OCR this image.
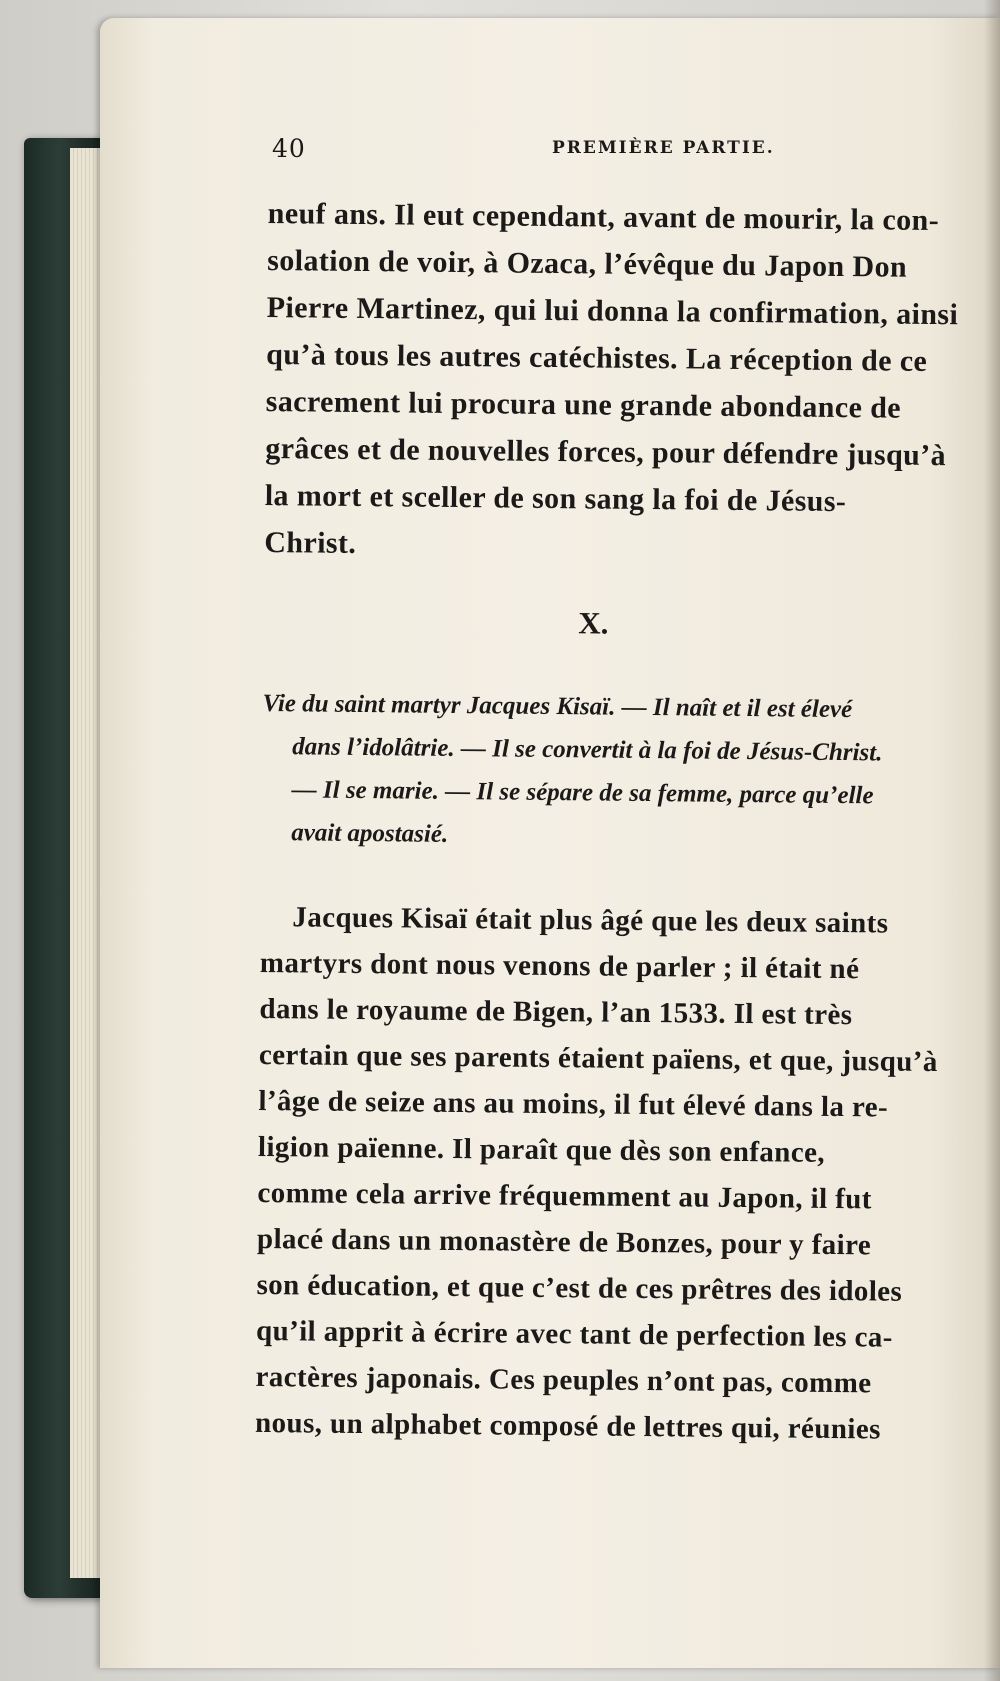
40	PREMIÈRE PARTIE.
neuf ans. Il eut cependant, avant de mourir, la con-
solation de voir, à Ozaca, l’évêque du Japon Don
Pierre Martinez, qui lui donna la confirmation, ainsi
qu’à tous les autres catéchistes. La réception de ce
sacrement lui procura une grande abondance de
grâces et de nouvelles forces, pour défendre jusqu’à
la mort et sceller de son sang la foi de Jésus-
Christ.
X.
Vie du saint martyr Jacques Kisaï. — Il naît et il est élevé
dans l’idolâtrie. — Il se convertit à la foi de Jésus-Christ.
— Il se marie. — Il se sépare de sa femme, parce qu’elle
avait apostasié.
Jacques Kisaï était plus âgé que les deux saints
martyrs dont nous venons de parler ; il était né
dans le royaume de Bigen, l’an 1533. Il est très
certain que ses parents étaient païens, et que, jusqu’à
l’âge de seize ans au moins, il fut élevé dans la re-
ligion païenne. Il paraît que dès son enfance,
comme cela arrive fréquemment au Japon, il fut
placé dans un monastère de Bonzes, pour y faire
son éducation, et que c’est de ces prêtres des idoles
qu’il apprit à écrire avec tant de perfection les ca-
ractères japonais. Ces peuples n’ont pas, comme
nous, un alphabet composé de lettres qui, réunies
